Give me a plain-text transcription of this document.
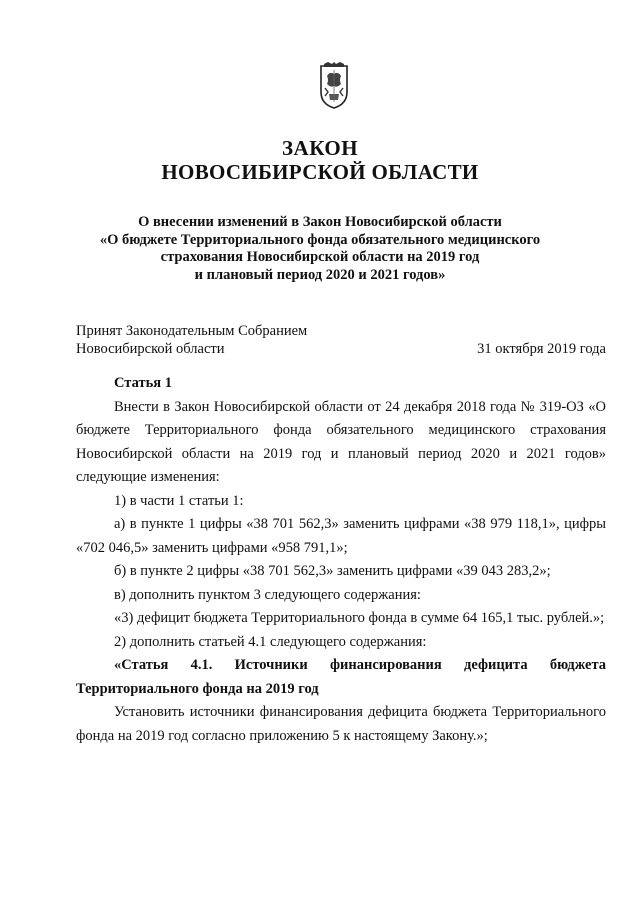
ЗАКОН
НОВОСИБИРСКОЙ ОБЛАСТИ
О внесении изменений в Закон Новосибирской области
«О бюджете Территориального фонда обязательного медицинского
страхования Новосибирской области на 2019 год
и плановый период 2020 и 2021 годов»
Принят Законодательным Собранием
Новосибирской области	31 октября 2019 года

Статья 1

Внести в Закон Новосибирской области от 24 декабря 2018 года № 319-ОЗ «О бюджете Территориального фонда обязательного медицинского страхования Новосибирской области на 2019 год и плановый период 2020 и 2021 годов» следующие изменения:

1) в части 1 статьи 1:

а) в пункте 1 цифры «38 701 562,3» заменить цифрами «38 979 118,1», цифры «702 046,5» заменить цифрами «958 791,1»;

б) в пункте 2 цифры «38 701 562,3» заменить цифрами «39 043 283,2»;

в) дополнить пунктом 3 следующего содержания:

«3) дефицит бюджета Территориального фонда в сумме 64 165,1 тыс. рублей.»;

2) дополнить статьей 4.1 следующего содержания:

«Статья 4.1. Источники финансирования дефицита бюджета Территориального фонда на 2019 год

Установить источники финансирования дефицита бюджета Территориального фонда на 2019 год согласно приложению 5 к настоящему Закону.»;
